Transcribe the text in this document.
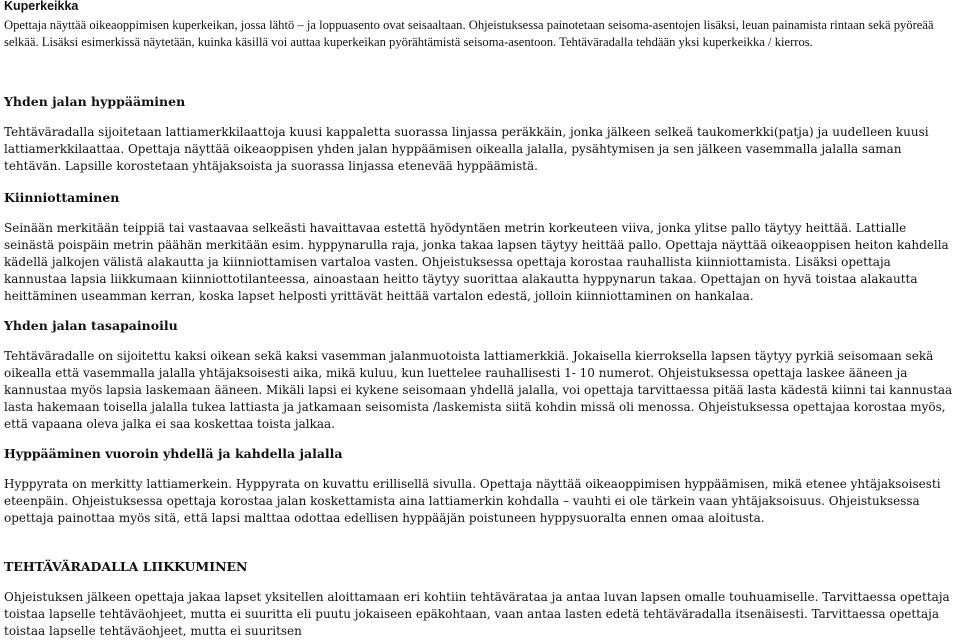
Kuperkeikka

Opettaja näyttää oikeaoppimisen kuperkeikan, jossa lähtö – ja loppuasento ovat seisaaltaan. Ohjeistuksessa painotetaan seisoma-asentojen lisäksi, leuan painamista rintaan sekä pyöreää selkää. Lisäksi esimerkissä näytetään, kuinka käsillä voi auttaa kuperkeikan pyörähtämistä seisoma-asentoon. Tehtäväradalla tehdään yksi kuperkeikka / kierros.

Yhden jalan hyppääminen

Tehtäväradalla sijoitetaan lattiamerkkilaattoja kuusi kappaletta suorassa linjassa peräkkäin, jonka jälkeen selkeä taukomerkki(patja) ja uudelleen kuusi lattiamerkkilaattaa. Opettaja näyttää oikeaoppisen yhden jalan hyppäämisen oikealla jalalla, pysähtymisen ja sen jälkeen vasemmalla jalalla saman tehtävän. Lapsille korostetaan yhtäjaksoista ja suorassa linjassa etenevää hyppäämistä.

Kiinniottaminen

Seinään merkitään teippiä tai vastaavaa selkeästi havaittavaa estettä hyödyntäen metrin korkeuteen viiva, jonka ylitse pallo täytyy heittää. Lattialle seinästä poispäin metrin päähän merkitään esim. hyppynarulla raja, jonka takaa lapsen täytyy heittää pallo. Opettaja näyttää oikeaoppisen heiton kahdella kädellä jalkojen välistä alakautta ja kiinniottamisen vartaloa vasten. Ohjeistuksessa opettaja korostaa rauhallista kiinniottamista. Lisäksi opettaja kannustaa lapsia liikkumaan kiinniottotilanteessa, ainoastaan heitto täytyy suorittaa alakautta hyppynarun takaa. Opettajan on hyvä toistaa alakautta heittäminen useamman kerran, koska lapset helposti yrittävät heittää vartalon edestä, jolloin kiinniottaminen on hankalaa.

Yhden jalan tasapainoilu

Tehtäväradalle on sijoitettu kaksi oikean sekä kaksi vasemman jalanmuotoista lattiamerkkiä. Jokaisella kierroksella lapsen täytyy pyrkiä seisomaan sekä oikealla että vasemmalla jalalla yhtäjaksoisesti aika, mikä kuluu, kun luettelee rauhallisesti 1- 10 numerot. Ohjeistuksessa opettaja laskee ääneen ja kannustaa myös lapsia laskemaan ääneen. Mikäli lapsi ei kykene seisomaan yhdellä jalalla, voi opettaja tarvittaessa pitää lasta kädestä kiinni tai kannustaa lasta hakemaan toisella jalalla tukea lattiasta ja jatkamaan seisomista /laskemista siitä kohdin missä oli menossa. Ohjeistuksessa opettajaa korostaa myös, että vapaana oleva jalka ei saa koskettaa toista jalkaa.

Hyppääminen vuoroin yhdellä ja kahdella jalalla

Hyppyrata on merkitty lattiamerkein. Hyppyrata on kuvattu erillisellä sivulla. Opettaja näyttää oikeaoppimisen hyppäämisen, mikä etenee yhtäjaksoisesti eteenpäin. Ohjeistuksessa opettaja korostaa jalan koskettamista aina lattiamerkin kohdalla – vauhti ei ole tärkein vaan yhtäjaksoisuus. Ohjeistuksessa opettaja painottaa myös sitä, että lapsi malttaa odottaa edellisen hyppääjän poistuneen hyppysuoralta ennen omaa aloitusta.

TEHTÄVÄRADALLA LIIKKUMINEN

Ohjeistuksen jälkeen opettaja jakaa lapset yksitellen aloittamaan eri kohtiin tehtävärataa ja antaa luvan lapsen omalle touhuamiselle. Tarvittaessa opettaja toistaa lapselle tehtäväohjeet, mutta ei suuritta eli puutu jokaiseen epäkohtaan, vaan antaa lasten edetä tehtäväradalla itsenäisesti. Tarvittaessa opettaja toistaa lapselle tehtäväohjeet, mutta ei suuritsen
